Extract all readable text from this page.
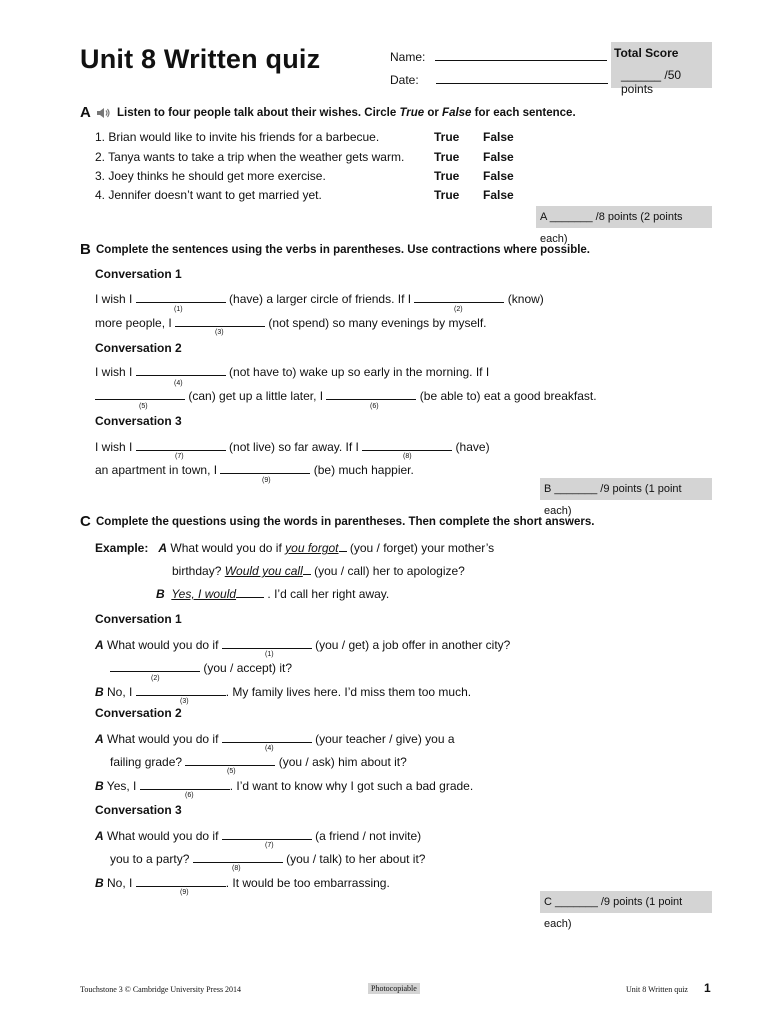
Unit 8 Written quiz	Name:
Date:
Total Score
______ /50 points
A Listen to four people talk about their wishes. Circle True or False for each sentence.
1. Brian would like to invite his friends for a barbecue.	True False
2. Tanya wants to take a trip when the weather gets warm. True False
3. Joey thinks he should get more exercise.	True False
4. Jennifer doesn’t want to get married yet.	True False
A _______ /8 points (2 points each)
B Complete the sentences using the verbs in parentheses. Use contractions where possible.
Conversation 1
I wish I	(have) a larger circle of friends. If I	(know)
(1)	(2)
more people, I	(not spend) so many evenings by myself.
(3)
Conversation 2
I wish I	(not have to) wake up so early in the morning. If I
(4)
(can) get up a little later, I	(be able to) eat a good breakfast.
(5)	(6)
Conversation 3
I wish I	(not live) so far away. If I	(have)
(7)	(8)
an apartment in town, I	(be) much happier.
(9)
B _______ /9 points (1 point each)
C Complete the questions using the words in parentheses. Then complete the short answers.
Example: A What would you do if you forgot (you / forget) your mother’s
birthday? Would you call (you / call) her to apologize?
B Yes, I would	. I’d call her right away.
Conversation 1
A What would you do if	(you / get) a job offer in another city?
(1)
(you / accept) it?
(2)
B No, I	. My family lives here. I’d miss them too much.
(3)
Conversation 2
A What would you do if	(your teacher / give) you a
(4)
failing grade?	(you / ask) him about it?
(5)
B Yes, I	. I’d want to know why I got such a bad grade.
(6)
Conversation 3
A What would you do if	(a friend / not invite)
(7)
you to a party?	(you / talk) to her about it?
(8)
B No, I	. It would be too embarrassing.
(9)
C _______ /9 points (1 point each)
Touchstone 3 © Cambridge University Press 2014	Photocopiable	Unit 8 Written quiz 1
